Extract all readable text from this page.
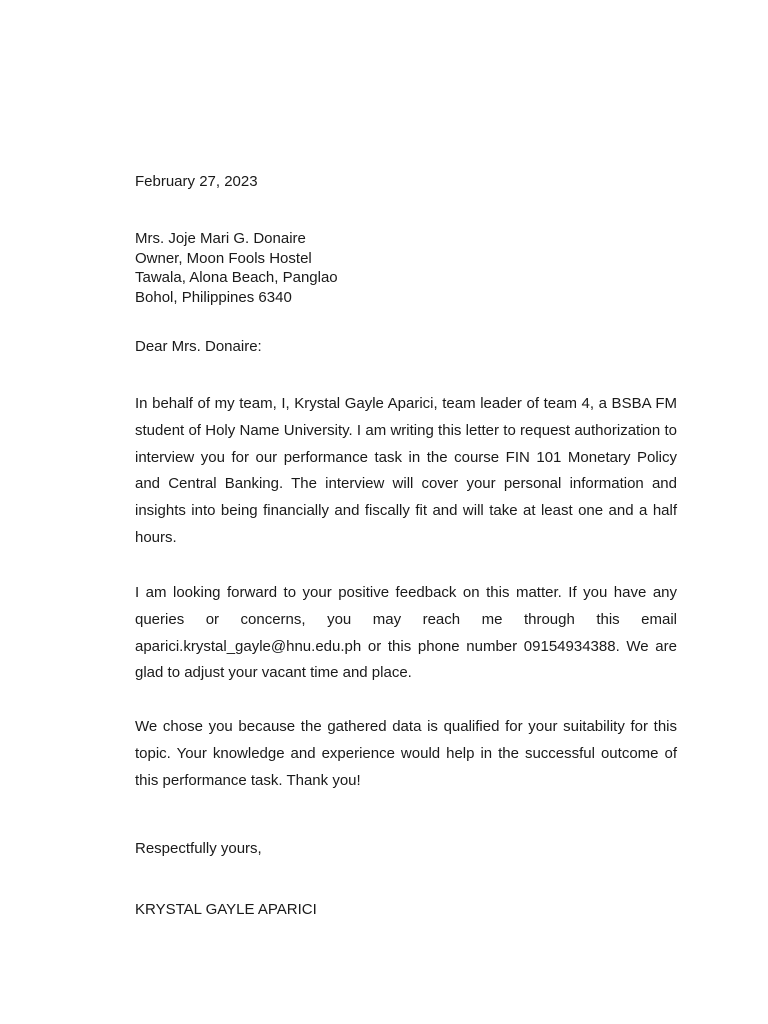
February 27, 2023
Mrs. Joje Mari G. Donaire
Owner, Moon Fools Hostel
Tawala, Alona Beach, Panglao
Bohol, Philippines 6340
Dear Mrs. Donaire:

In behalf of my team, I, Krystal Gayle Aparici, team leader of team 4, a BSBA FM student of Holy Name University. I am writing this letter to request authorization to interview you for our performance task in the course FIN 101 Monetary Policy and Central Banking. The interview will cover your personal information and insights into being financially and fiscally fit and will take at least one and a half hours.

I am looking forward to your positive feedback on this matter. If you have any queries or concerns, you may reach me through this email aparici.krystal_gayle@hnu.edu.ph or this phone number 09154934388. We are glad to adjust your vacant time and place.

We chose you because the gathered data is qualified for your suitability for this topic. Your knowledge and experience would help in the successful outcome of this performance task. Thank you!

Respectfully yours,
KRYSTAL GAYLE APARICI
